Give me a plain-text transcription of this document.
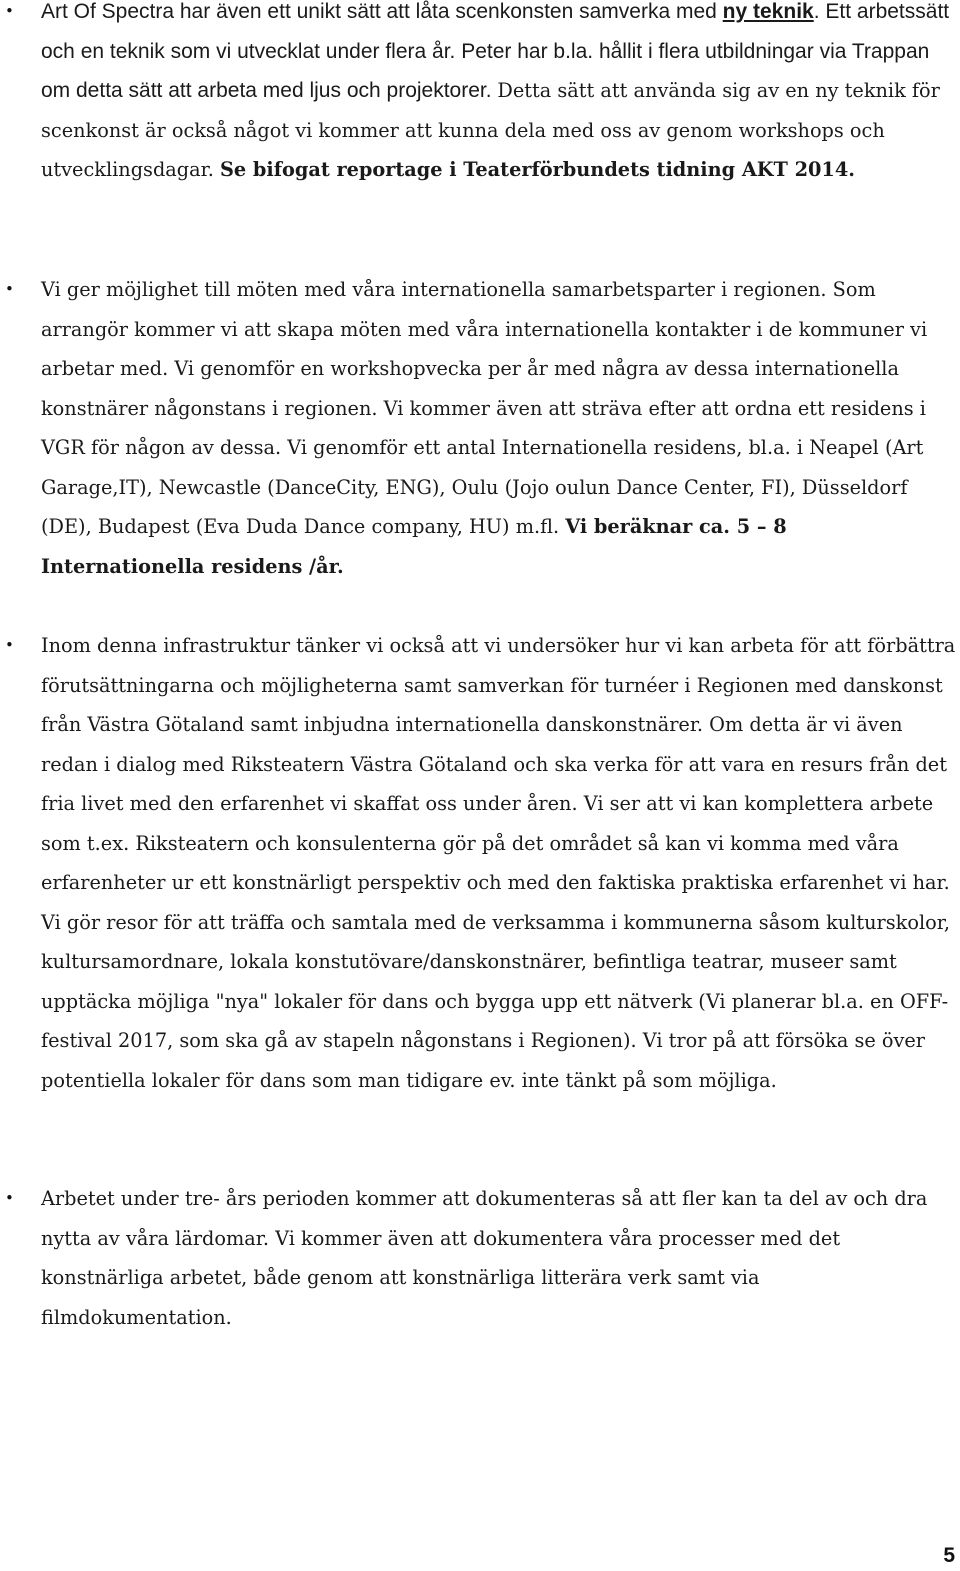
• Art Of Spectra har även ett unikt sätt att låta scenkonsten samverka med ny teknik. Ett arbetssätt och en teknik som vi utvecklat under flera år. Peter har b.la. hållit i flera utbildningar via Trappan om detta sätt att arbeta med ljus och projektorer. Detta sätt att använda sig av en ny teknik för scenkonst är också något vi kommer att kunna dela med oss av genom workshops och utvecklingsdagar. Se bifogat reportage i Teaterförbundets tidning AKT 2014.

• Vi ger möjlighet till möten med våra internationella samarbetsparter i regionen. Som arrangör kommer vi att skapa möten med våra internationella kontakter i de kommuner vi arbetar med. Vi genomför en workshopvecka per år med några av dessa internationella konstnärer någonstans i regionen. Vi kommer även att sträva efter att ordna ett residens i VGR för någon av dessa. Vi genomför ett antal Internationella residens, bl.a. i Neapel (Art Garage,IT), Newcastle (DanceCity, ENG), Oulu (Jojo oulun Dance Center, FI), Düsseldorf (DE), Budapest (Eva Duda Dance company, HU) m.fl. Vi beräknar ca. 5 – 8 Internationella residens /år.

• Inom denna infrastruktur tänker vi också att vi undersöker hur vi kan arbeta för att förbättra förutsättningarna och möjligheterna samt samverkan för turnéer i Regionen med danskonst från Västra Götaland samt inbjudna internationella danskonstnärer. Om detta är vi även redan i dialog med Riksteatern Västra Götaland och ska verka för att vara en resurs från det fria livet med den erfarenhet vi skaffat oss under åren. Vi ser att vi kan komplettera arbete som t.ex. Riksteatern och konsulenterna gör på det området så kan vi komma med våra erfarenheter ur ett konstnärligt perspektiv och med den faktiska praktiska erfarenhet vi har. Vi gör resor för att träffa och samtala med de verksamma i kommunerna såsom kulturskolor, kultursamordnare, lokala konstutövare/danskonstnärer, befintliga teatrar, museer samt upptäcka möjliga "nya" lokaler för dans och bygga upp ett nätverk (Vi planerar bl.a. en OFF-festival 2017, som ska gå av stapeln någonstans i Regionen). Vi tror på att försöka se över potentiella lokaler för dans som man tidigare ev. inte tänkt på som möjliga.

• Arbetet under tre- års perioden kommer att dokumenteras så att fler kan ta del av och dra nytta av våra lärdomar. Vi kommer även att dokumentera våra processer med det konstnärliga arbetet, både genom att konstnärliga litterära verk samt via filmdokumentation.

5
